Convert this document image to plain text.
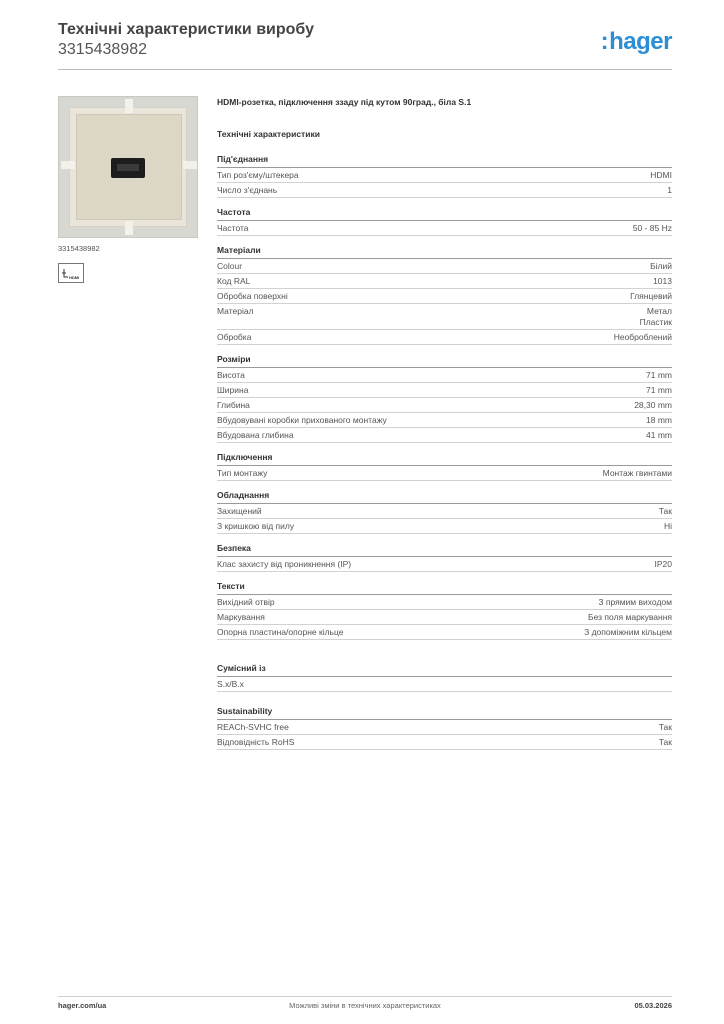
Технічні характеристики виробу
3315438982	:hager
3315438982
HDMI
HDMI-розетка, підключення ззаду під кутом 90град., біла S.1
Технічні характеристики
Під'єднання
Тип роз'єму/штекера	HDMI
Число з'єднань	1
Частота
Частота	50 - 85 Hz
Матеріали
Colour	Білий
Код RAL	1013
Обробка поверхні	Глянцевий
Матеріал	Метал
Пластик
Обробка	Необроблений
Розміри
Висота	71 mm
Ширина	71 mm
Глибина	28,30 mm
Вбудовувані коробки прихованого монтажу	18 mm
Вбудована глибина	41 mm
Підключення
Тип монтажу	Монтаж гвинтами
Обладнання
Захищений	Так
З кришкою від пилу	Ні
Безпека
Клас захисту від проникнення (IP)	IP20
Тексти
Вихідний отвір	З прямим виходом
Маркування	Без поля маркування
Опорна пластина/опорне кільце	З допоміжним кільцем
Сумісний із
S.x/B.x
Sustainability
REACh-SVHC free	Так
Відповідність RoHS	Так
hager.com/ua	Можливі зміни в технічних характеристиках	05.03.2026
